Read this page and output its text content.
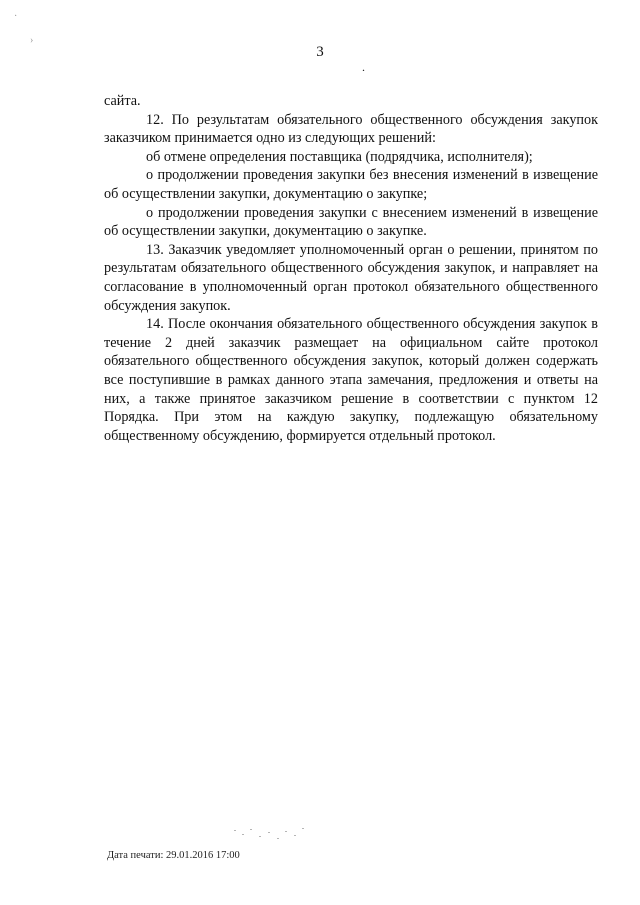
3
.
›
·

сайта.

12. По результатам обязательного общественного обсуждения закупок заказчиком принимается одно из следующих решений:

об отмене определения поставщика (подрядчика, исполнителя);

о продолжении проведения закупки без внесения изменений в извещение об осуществлении закупки, документацию о закупке;

о продолжении проведения закупки с внесением изменений в извещение об осуществлении закупки, документацию о закупке.

13. Заказчик уведомляет уполномоченный орган о решении, принятом по результатам обязательного общественного обсуждения закупок, и направляет на согласование в уполномоченный орган протокол обязательного общественного обсуждения закупок.

14. После окончания обязательного общественного обсуждения закупок в течение 2 дней заказчик размещает на официальном сайте протокол обязательного общественного обсуждения закупок, который должен содержать все поступившие в рамках данного этапа замечания, предложения и ответы на них, а также принятое заказчиком решение в соответствии с пунктом 12 Порядка. При этом на каждую закупку, подлежащую обязательному общественному обсуждению, формируется отдельный протокол.

Дата печати: 29.01.2016 17:00
